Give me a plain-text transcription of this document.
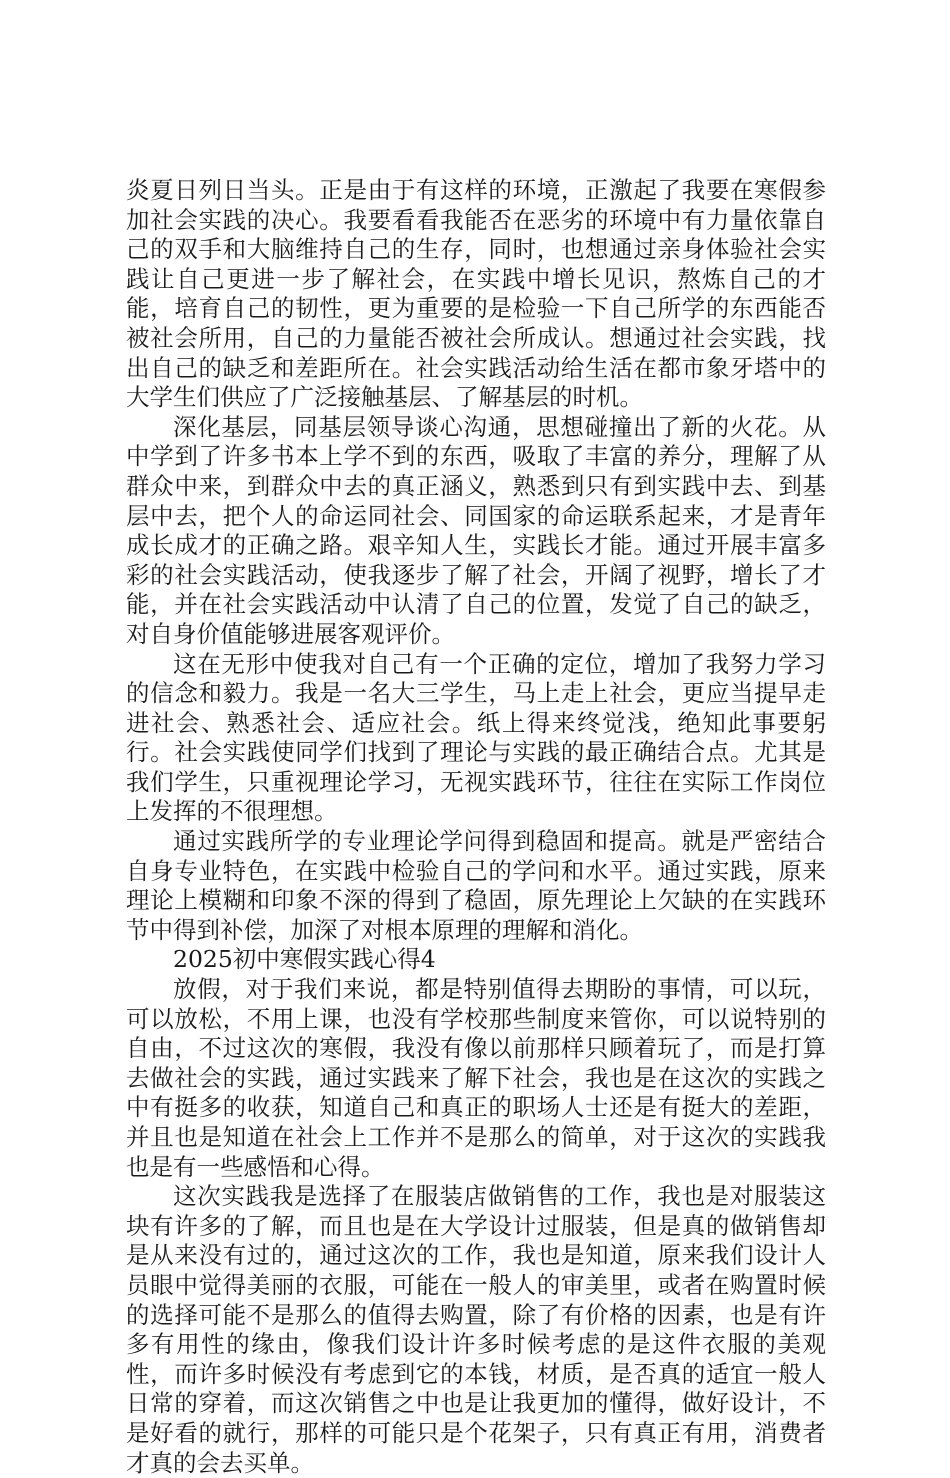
炎夏日列日当头。正是由于有这样的环境，正激起了我要在寒假参加社会实践的决心。我要看看我能否在恶劣的环境中有力量依靠自己的双手和大脑维持自己的生存，同时，也想通过亲身体验社会实践让自己更进一步了解社会，在实践中增长见识，熬炼自己的才能，培育自己的韧性，更为重要的是检验一下自己所学的东西能否被社会所用，自己的力量能否被社会所成认。想通过社会实践，找出自己的缺乏和差距所在。社会实践活动给生活在都市象牙塔中的大学生们供应了广泛接触基层、了解基层的时机。

深化基层，同基层领导谈心沟通，思想碰撞出了新的火花。从中学到了许多书本上学不到的东西，吸取了丰富的养分，理解了从群众中来，到群众中去的真正涵义，熟悉到只有到实践中去、到基层中去，把个人的命运同社会、同国家的命运联系起来，才是青年成长成才的正确之路。艰辛知人生，实践长才能。通过开展丰富多彩的社会实践活动，使我逐步了解了社会，开阔了视野，增长了才能，并在社会实践活动中认清了自己的位置，发觉了自己的缺乏，对自身价值能够进展客观评价。

这在无形中使我对自己有一个正确的定位，增加了我努力学习的信念和毅力。我是一名大三学生，马上走上社会，更应当提早走进社会、熟悉社会、适应社会。纸上得来终觉浅，绝知此事要躬行。社会实践使同学们找到了理论与实践的最正确结合点。尤其是我们学生，只重视理论学习，无视实践环节，往往在实际工作岗位上发挥的不很理想。

通过实践所学的专业理论学问得到稳固和提高。就是严密结合自身专业特色，在实践中检验自己的学问和水平。通过实践，原来理论上模糊和印象不深的得到了稳固，原先理论上欠缺的在实践环节中得到补偿，加深了对根本原理的理解和消化。

2025初中寒假实践心得4

放假，对于我们来说，都是特别值得去期盼的事情，可以玩，可以放松，不用上课，也没有学校那些制度来管你，可以说特别的自由，不过这次的寒假，我没有像以前那样只顾着玩了，而是打算去做社会的实践，通过实践来了解下社会，我也是在这次的实践之中有挺多的收获，知道自己和真正的职场人士还是有挺大的差距，并且也是知道在社会上工作并不是那么的简单，对于这次的实践我也是有一些感悟和心得。

这次实践我是选择了在服装店做销售的工作，我也是对服装这块有许多的了解，而且也是在大学设计过服装，但是真的做销售却是从来没有过的，通过这次的工作，我也是知道，原来我们设计人员眼中觉得美丽的衣服，可能在一般人的审美里，或者在购置时候的选择可能不是那么的值得去购置，除了有价格的因素，也是有许多有用性的缘由，像我们设计许多时候考虑的是这件衣服的美观性，而许多时候没有考虑到它的本钱，材质，是否真的适宜一般人日常的穿着，而这次销售之中也是让我更加的懂得，做好设计，不是好看的就行，那样的可能只是个花架子，只有真正有用，消费者才真的会去买单。
